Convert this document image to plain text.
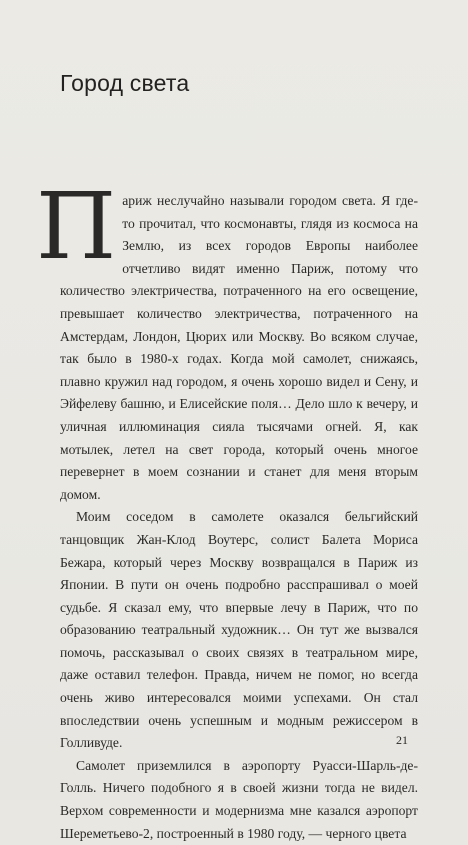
Город света

Париж неслучайно называли городом света. Я где-то прочитал, что космонавты, глядя из космоса на Землю, из всех городов Европы наиболее отчетливо видят именно Париж, потому что количество электричества, потраченного на его освещение, превышает количество электричества, потраченного на Амстердам, Лондон, Цюрих или Москву. Во всяком случае, так было в 1980-х годах. Когда мой самолет, снижаясь, плавно кружил над городом, я очень хорошо видел и Сену, и Эйфелеву башню, и Елисейские поля… Дело шло к вечеру, и уличная иллюминация сияла тысячами огней. Я, как мотылек, летел на свет города, который очень многое перевернет в моем сознании и станет для меня вторым домом.

Моим соседом в самолете оказался бельгийский танцовщик Жан-Клод Воутерс, солист Балета Мориса Бежара, который через Москву возвращался в Париж из Японии. В пути он очень подробно расспрашивал о моей судьбе. Я сказал ему, что впервые лечу в Париж, что по образованию театральный художник… Он тут же вызвался помочь, рассказывал о своих связях в театральном мире, даже оставил телефон. Правда, ничем не помог, но всегда очень живо интересовался моими успехами. Он стал впоследствии очень успешным и модным режиссером в Голливуде.

Самолет приземлился в аэропорту Руасси-Шарль-де-Голль. Ничего подобного я в своей жизни тогда не видел. Верхом современности и модернизма мне казался аэропорт Шереметьево-2, построенный в 1980 году, — черного цвета

21
